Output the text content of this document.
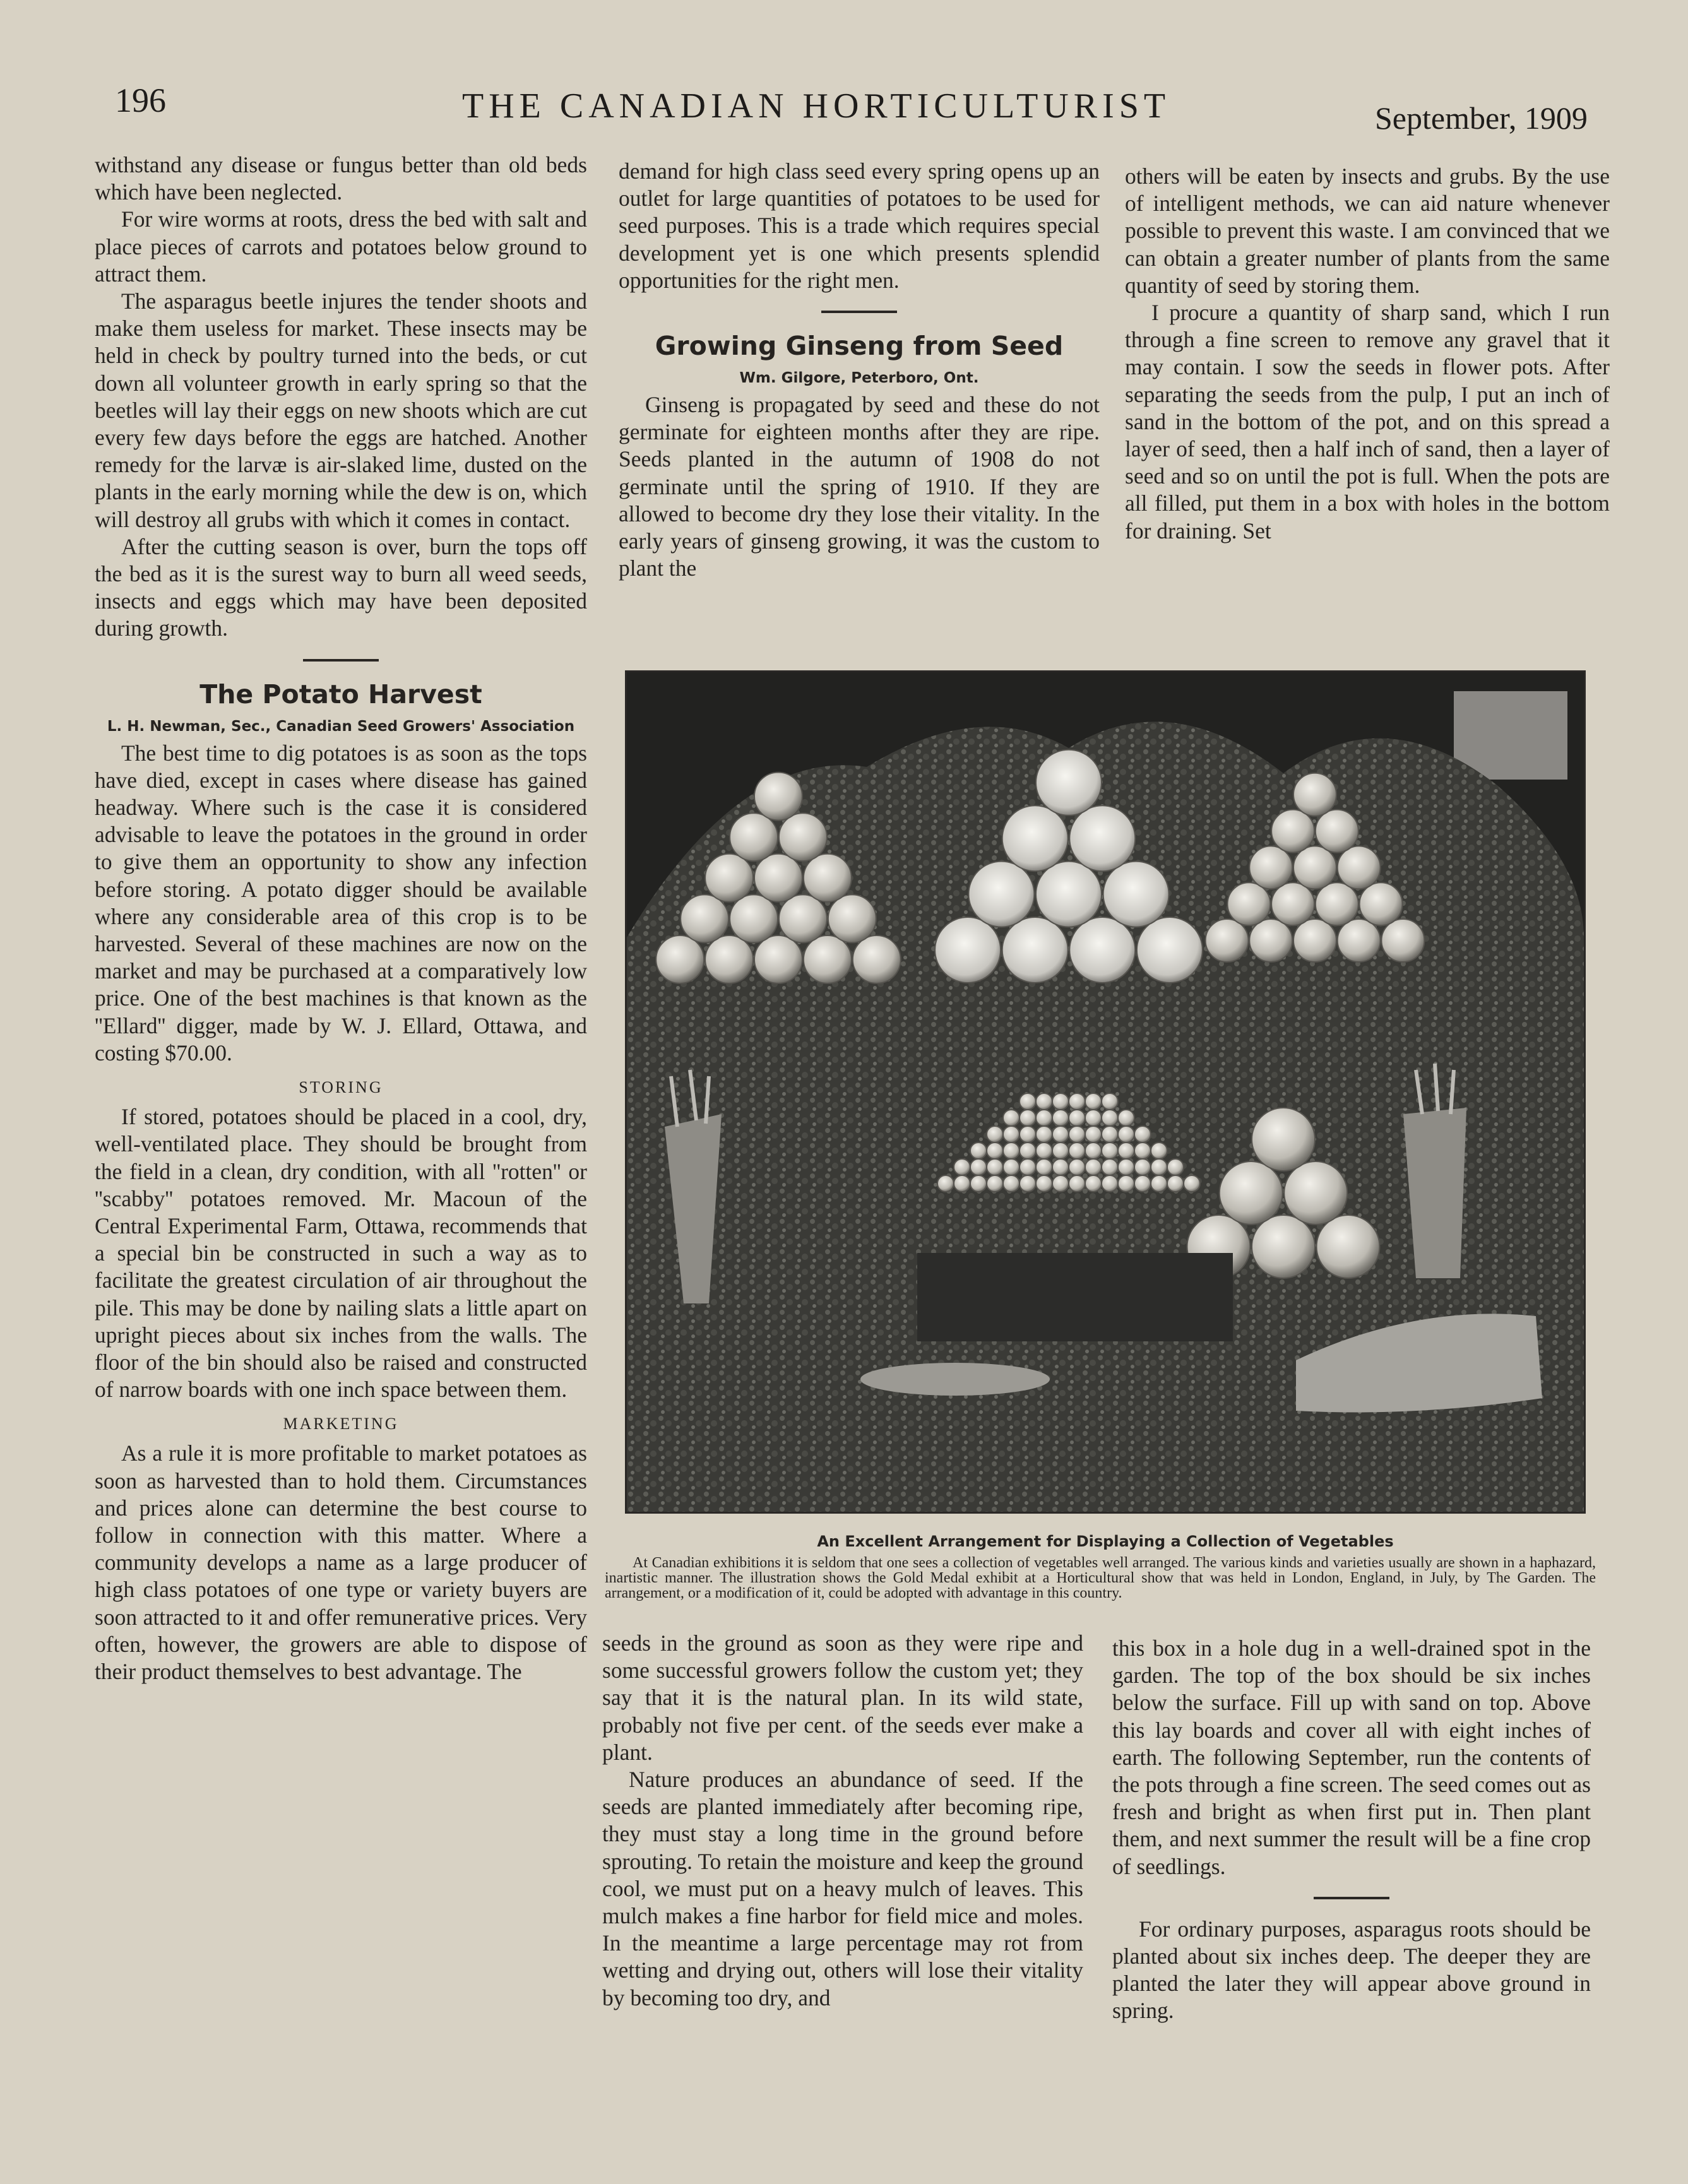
196	THE CANADIAN HORTICULTURIST	September, 1909

withstand any disease or fungus better than old beds which have been neglected.

For wire worms at roots, dress the bed with salt and place pieces of carrots and potatoes below ground to attract them.

The asparagus beetle injures the tender shoots and make them useless for market. These insects may be held in check by poultry turned into the beds, or cut down all volunteer growth in early spring so that the beetles will lay their eggs on new shoots which are cut every few days before the eggs are hatched. Another remedy for the larvæ is air-slaked lime, dusted on the plants in the early morning while the dew is on, which will destroy all grubs with which it comes in contact.

After the cutting season is over, burn the tops off the bed as it is the surest way to burn all weed seeds, insects and eggs which may have been deposited during growth.

The Potato Harvest
L. H. Newman, Sec., Canadian Seed Growers' Association

The best time to dig potatoes is as soon as the tops have died, except in cases where disease has gained headway. Where such is the case it is considered advisable to leave the potatoes in the ground in order to give them an opportunity to show any infection before storing. A potato digger should be available where any considerable area of this crop is to be harvested. Several of these machines are now on the market and may be purchased at a comparatively low price. One of the best machines is that known as the ''Ellard'' digger, made by W. J. Ellard, Ottawa, and costing $70.00.

STORING

If stored, potatoes should be placed in a cool, dry, well-ventilated place. They should be brought from the field in a clean, dry condition, with all ''rotten'' or ''scabby'' potatoes removed. Mr. Macoun of the Central Experimental Farm, Ottawa, recommends that a special bin be constructed in such a way as to facilitate the greatest circulation of air throughout the pile. This may be done by nailing slats a little apart on upright pieces about six inches from the walls. The floor of the bin should also be raised and constructed of narrow boards with one inch space between them.

MARKETING

As a rule it is more profitable to market potatoes as soon as harvested than to hold them. Circumstances and prices alone can determine the best course to follow in connection with this matter. Where a community develops a name as a large producer of high class potatoes of one type or variety buyers are soon attracted to it and offer remunerative prices. Very often, however, the growers are able to dispose of their product themselves to best advantage. The

demand for high class seed every spring opens up an outlet for large quantities of potatoes to be used for seed purposes. This is a trade which requires special development yet is one which presents splendid opportunities for the right men.

Growing Ginseng from Seed
Wm. Gilgore, Peterboro, Ont.

Ginseng is propagated by seed and these do not germinate for eighteen months after they are ripe. Seeds planted in the autumn of 1908 do not germinate until the spring of 1910. If they are allowed to become dry they lose their vitality. In the early years of ginseng growing, it was the custom to plant the

others will be eaten by insects and grubs. By the use of intelligent methods, we can aid nature whenever possible to prevent this waste. I am convinced that we can obtain a greater number of plants from the same quantity of seed by storing them.

I procure a quantity of sharp sand, which I run through a fine screen to remove any gravel that it may contain. I sow the seeds in flower pots. After separating the seeds from the pulp, I put an inch of sand in the bottom of the pot, and on this spread a layer of seed, then a half inch of sand, then a layer of seed and so on until the pot is full. When the pots are all filled, put them in a box with holes in the bottom for draining. Set

An Excellent Arrangement for Displaying a Collection of Vegetables
At Canadian exhibitions it is seldom that one sees a collection of vegetables well arranged. The various kinds and varieties usually are shown in a haphazard, inartistic manner. The illustration shows the Gold Medal exhibit at a Horticultural show that was held in London, England, in July, by The Garden. The arrangement, or a modification of it, could be adopted with advantage in this country.

seeds in the ground as soon as they were ripe and some successful growers follow the custom yet; they say that it is the natural plan. In its wild state, probably not five per cent. of the seeds ever make a plant.

Nature produces an abundance of seed. If the seeds are planted immediately after becoming ripe, they must stay a long time in the ground before sprouting. To retain the moisture and keep the ground cool, we must put on a heavy mulch of leaves. This mulch makes a fine harbor for field mice and moles. In the meantime a large percentage may rot from wetting and drying out, others will lose their vitality by becoming too dry, and

this box in a hole dug in a well-drained spot in the garden. The top of the box should be six inches below the surface. Fill up with sand on top. Above this lay boards and cover all with eight inches of earth. The following September, run the contents of the pots through a fine screen. The seed comes out as fresh and bright as when first put in. Then plant them, and next summer the result will be a fine crop of seedlings.

For ordinary purposes, asparagus roots should be planted about six inches deep. The deeper they are planted the later they will appear above ground in spring.
